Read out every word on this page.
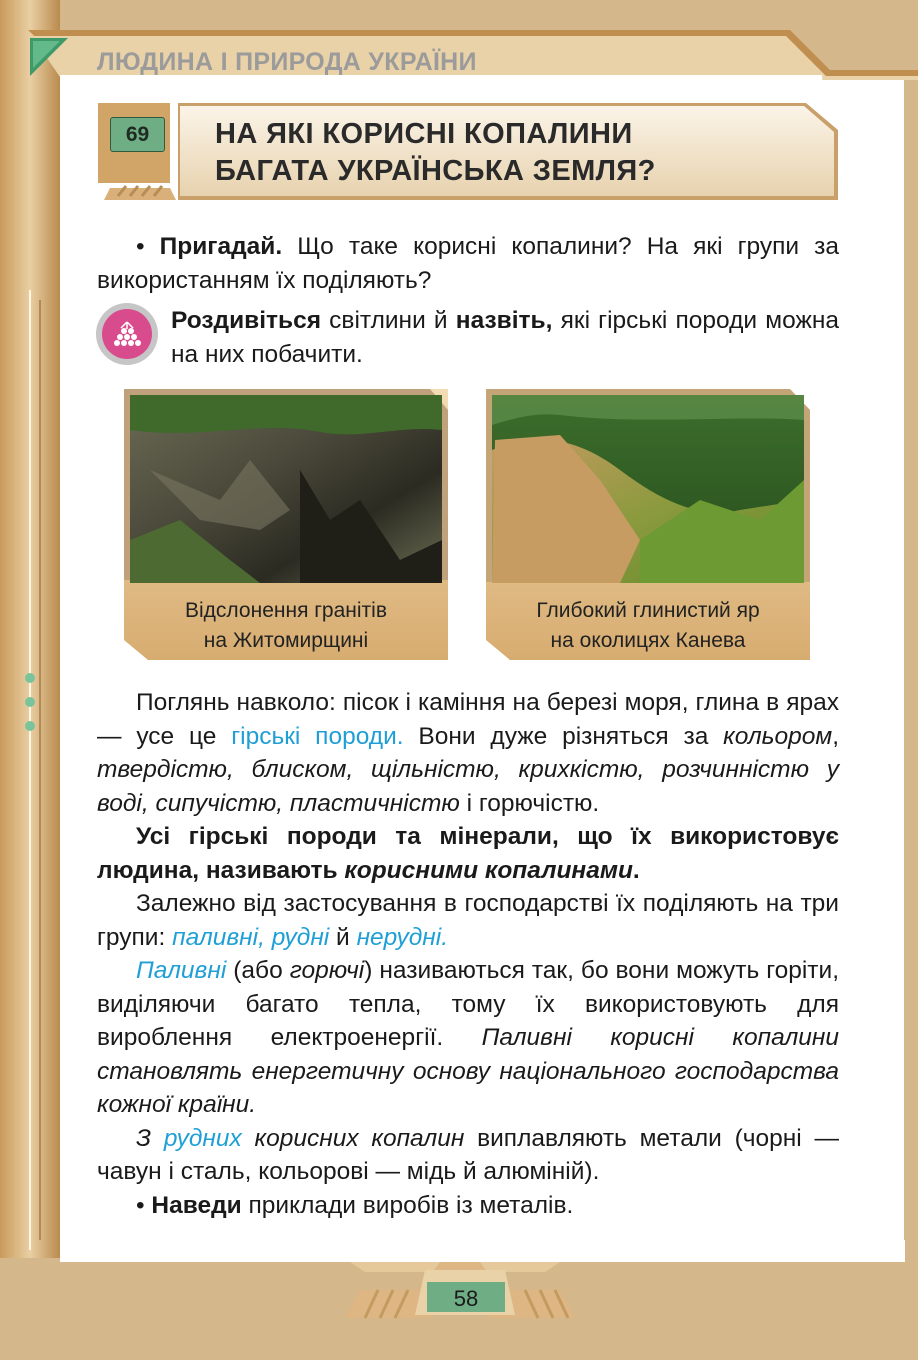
ЛЮДИНА І ПРИРОДА УКРАЇНИ
69	НА ЯКІ КОРИСНІ КОПАЛИНИ
БАГАТА УКРАЇНСЬКА ЗЕМЛЯ?

• Пригадай. Що таке корисні копалини? На які групи за використанням їх поділяють?

Роздивіться світлини й назвіть, які гірські породи можна на них побачити.

Відслонення гранітів
на Житомирщині
Глибокий глинистий яр
на околицях Канева

Поглянь навколо: пісок і каміння на березі моря, глина в ярах — усе це гірські породи. Вони дуже різняться за кольором, твердістю, блиском, щільністю, крихкістю, розчинністю у воді, сипучістю, пластичністю і горючістю.

Усі гірські породи та мінерали, що їх використовує людина, називають корисними копалинами.

Залежно від застосування в господарстві їх поділяють на три групи: паливні, рудні й нерудні.

Паливні (або горючі) називаються так, бо вони можуть горіти, виділяючи багато тепла, тому їх використовують для вироблення електроенергії. Паливні корисні копалини становлять енергетичну основу національного господарства кожної країни.

З рудних корисних копалин виплавляють метали (чорні — чавун і сталь, кольорові — мідь й алюміній).

• Наведи приклади виробів із металів.

58
